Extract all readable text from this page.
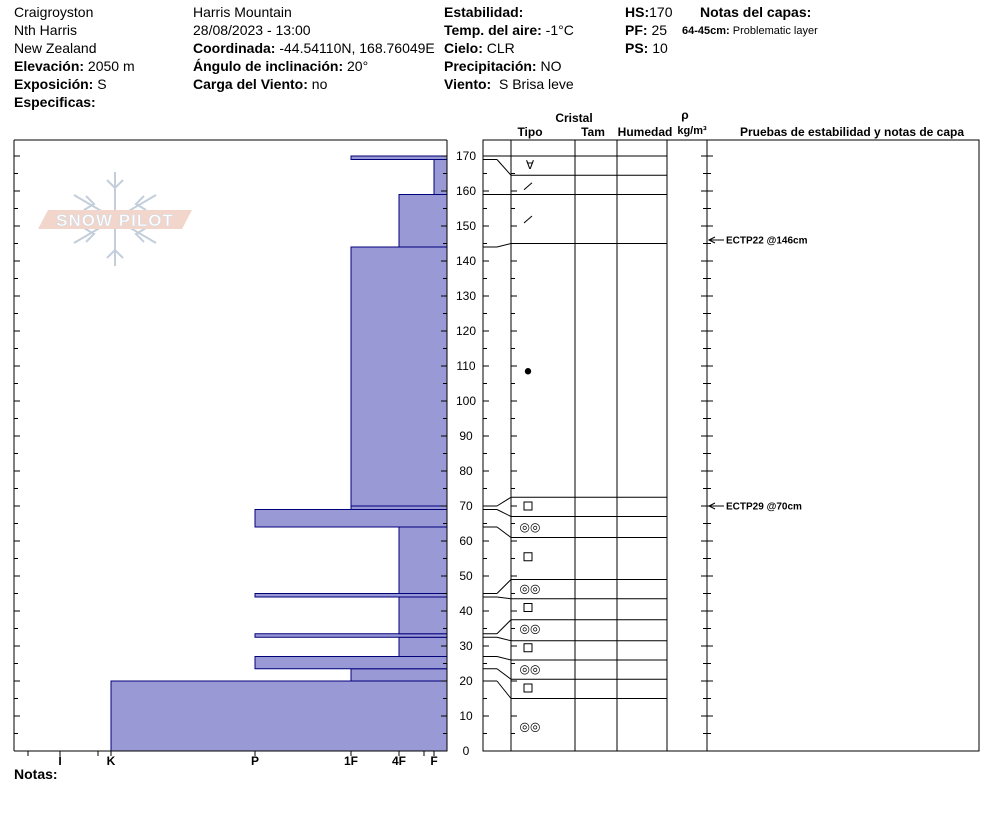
Craigroyston
Nth Harris
New Zealand
Elevación: 2050 m
Exposición: S
Especificas:
Harris Mountain
28/08/2023 - 13:00
Coordinada: -44.54110N, 168.76049E
Ángulo de inclinación: 20°
Carga del Viento: no
Estabilidad:
Temp. del aire: -1°C
Cielo: CLR
Precipitación: NO
Viento: S Brisa leve
HS:170
PF: 25
PS: 10
Notas del capas:
64-45cm: Problematic layer
Notas:
SNOW PILOT
F
4F
1F
P
K
I
0
10
20
30
40
50
60
70
80
90
100
110
120
130
140
150
160
170
◎◎
◎◎
◎◎
◎◎
◎◎
∀
ECTP22 @146cm
ECTP29 @70cm
Cristal
Tipo	Tam Humedad
ρ
kg/m³	Pruebas de estabilidad y notas de capa
